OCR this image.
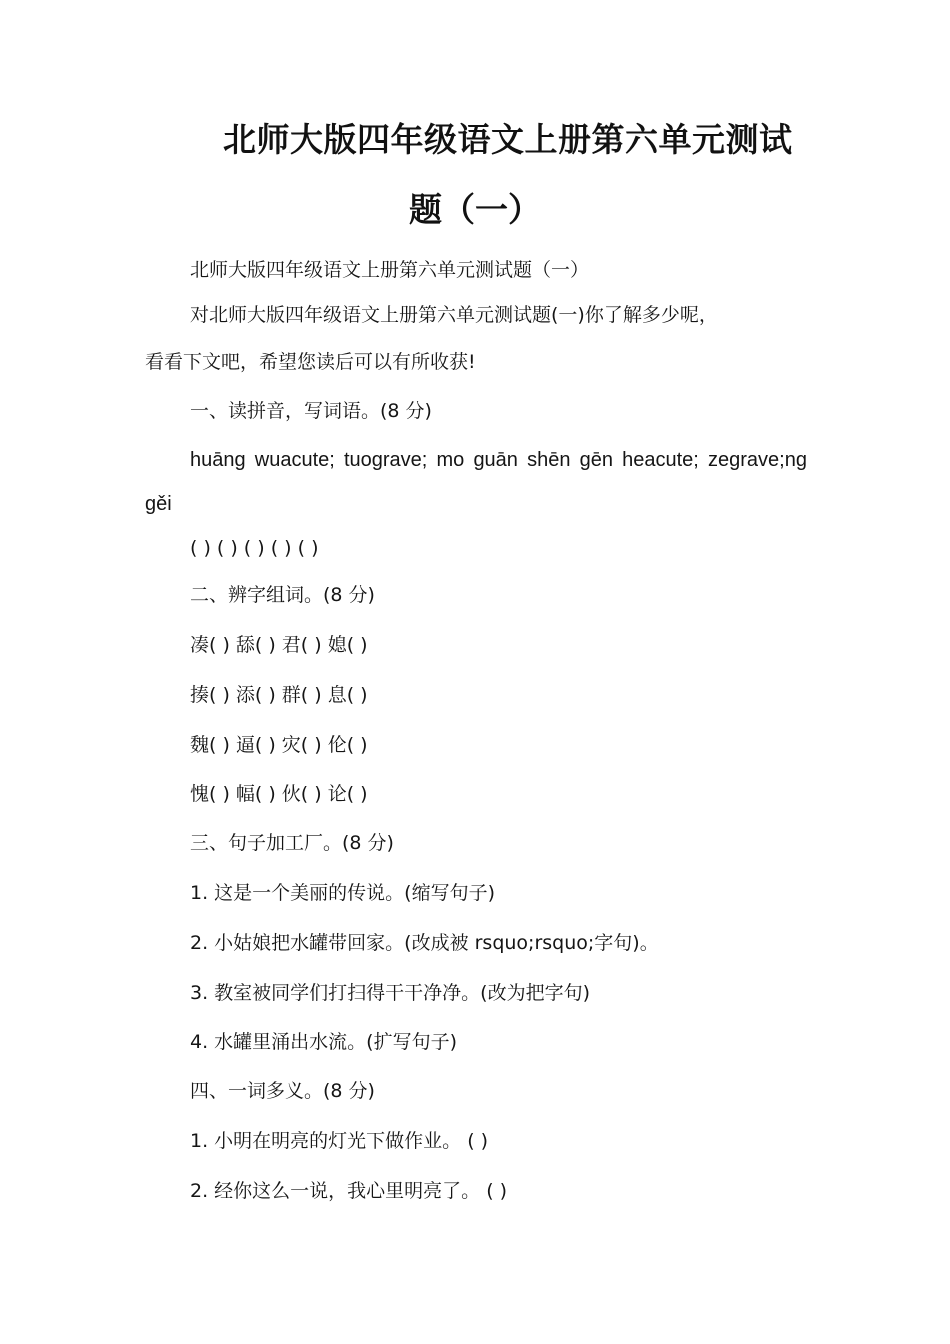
北师大版四年级语文上册第六单元测试
题（一）
北师大版四年级语文上册第六单元测试题（一）
对北师大版四年级语文上册第六单元测试题(一)你了解多少呢，
看看下文吧，希望您读后可以有所收获!
一、读拼音，写词语。(8 分)
huāng wuacute; tuograve; mo guān shēn gēn heacute; zegrave;ng
gěi
( ) ( ) ( ) ( ) ( )
二、辨字组词。(8 分)
凑( ) 舔( ) 君( ) 媳( )
揍( ) 添( ) 群( ) 息( )
魏( ) 逼( ) 灾( ) 伦( )
愧( ) 幅( ) 伙( ) 论( )
三、句子加工厂。(8 分)
1. 这是一个美丽的传说。(缩写句子)
2. 小姑娘把水罐带回家。(改成被 rsquo;rsquo;字句)。
3. 教室被同学们打扫得干干净净。(改为把字句)
4. 水罐里涌出水流。(扩写句子)
四、一词多义。(8 分)
1. 小明在明亮的灯光下做作业。 ( )
2. 经你这么一说，我心里明亮了。 ( )
